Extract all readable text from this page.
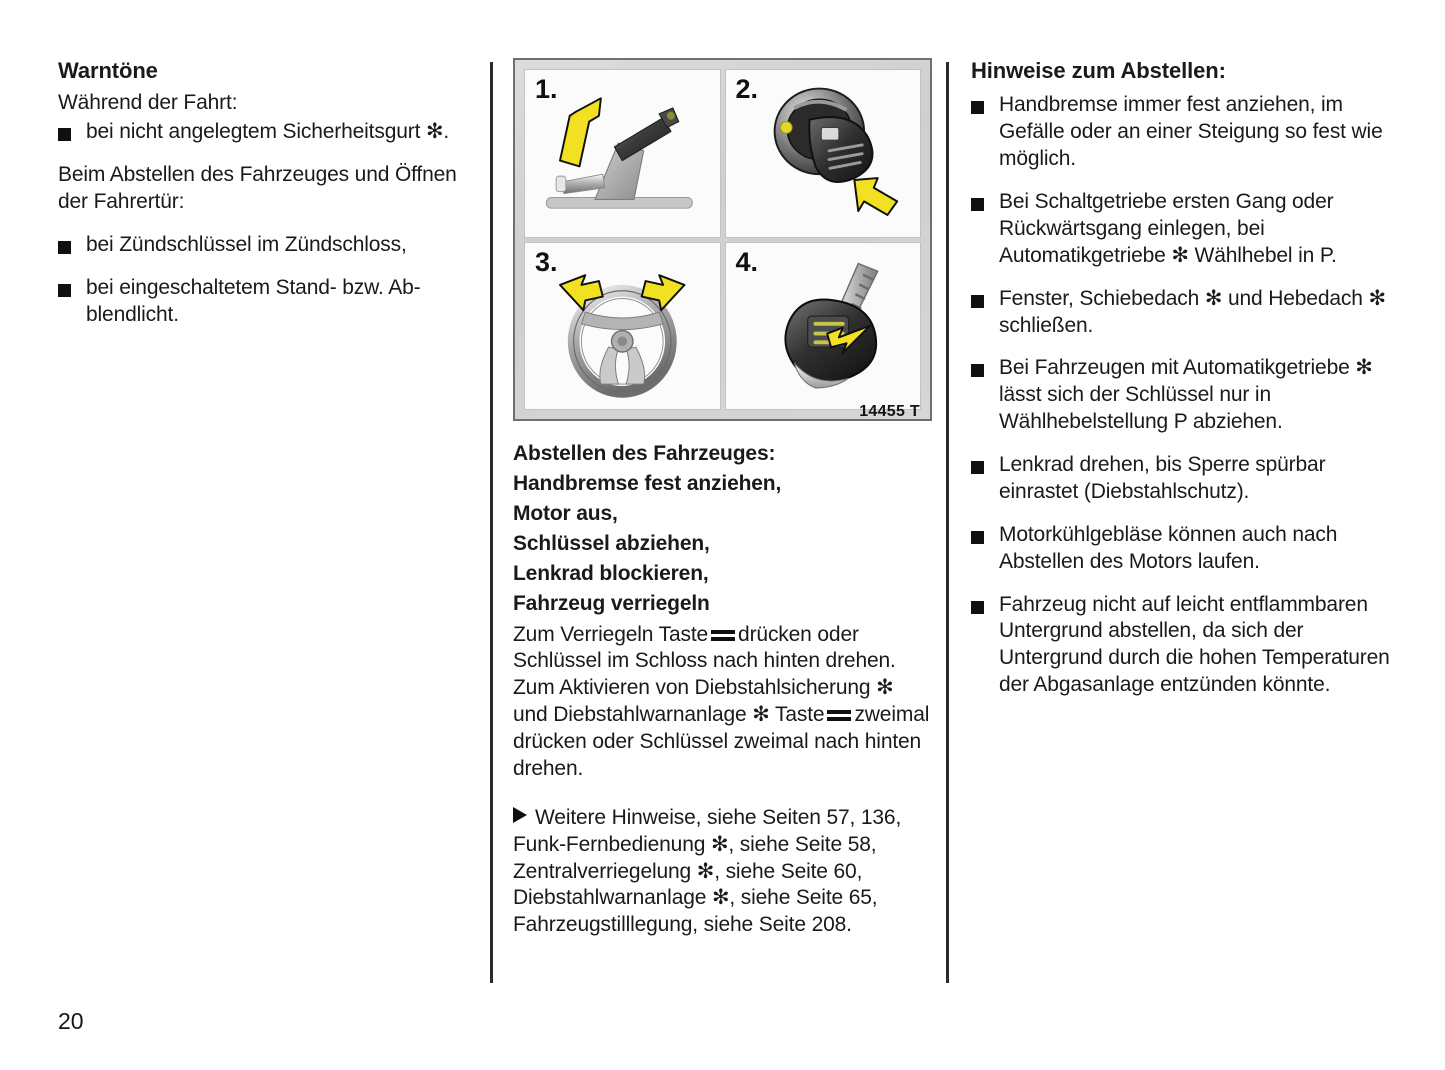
Warntöne

Während der Fahrt:

bei nicht angelegtem Sicherheitsgurt ✻.

Beim Abstellen des Fahrzeuges und Öffnen der Fahrertür:

bei Zündschlüssel im Zündschloss,
bei eingeschaltetem Stand- bzw. Ab-blendlicht.
1.	2.
3.	4.
14455 T

Abstellen des Fahrzeuges:

Handbremse fest anziehen,

Motor aus,

Schlüssel abziehen,

Lenkrad blockieren,

Fahrzeug verriegeln

Zum Verriegeln Taste drücken oder Schlüssel im Schloss nach hinten drehen. Zum Aktivieren von Diebstahlsicherung ✻ und Diebstahlwarnanlage ✻ Taste zweimal drücken oder Schlüssel zweimal nach hinten drehen.

Weitere Hinweise, siehe Seiten 57, 136,
Funk-Fernbedienung ✻, siehe Seite 58,
Zentralverriegelung ✻, siehe Seite 60,
Diebstahlwarnanlage ✻, siehe Seite 65,
Fahrzeugstilllegung, siehe Seite 208.
Hinweise zum Abstellen:
Handbremse immer fest anziehen, im Gefälle oder an einer Steigung so fest wie möglich.
Bei Schaltgetriebe ersten Gang oder Rückwärtsgang einlegen, bei Automatikgetriebe ✻ Wählhebel in P.
Fenster, Schiebedach ✻ und Hebedach ✻ schließen.
Bei Fahrzeugen mit Automatikgetriebe ✻ lässt sich der Schlüssel nur in Wählhebelstellung P abziehen.
Lenkrad drehen, bis Sperre spürbar einrastet (Diebstahlschutz).
Motorkühlgebläse können auch nach Abstellen des Motors laufen.
Fahrzeug nicht auf leicht entflammbaren Untergrund abstellen, da sich der Untergrund durch die hohen Temperaturen der Abgasanlage entzünden könnte.
20
